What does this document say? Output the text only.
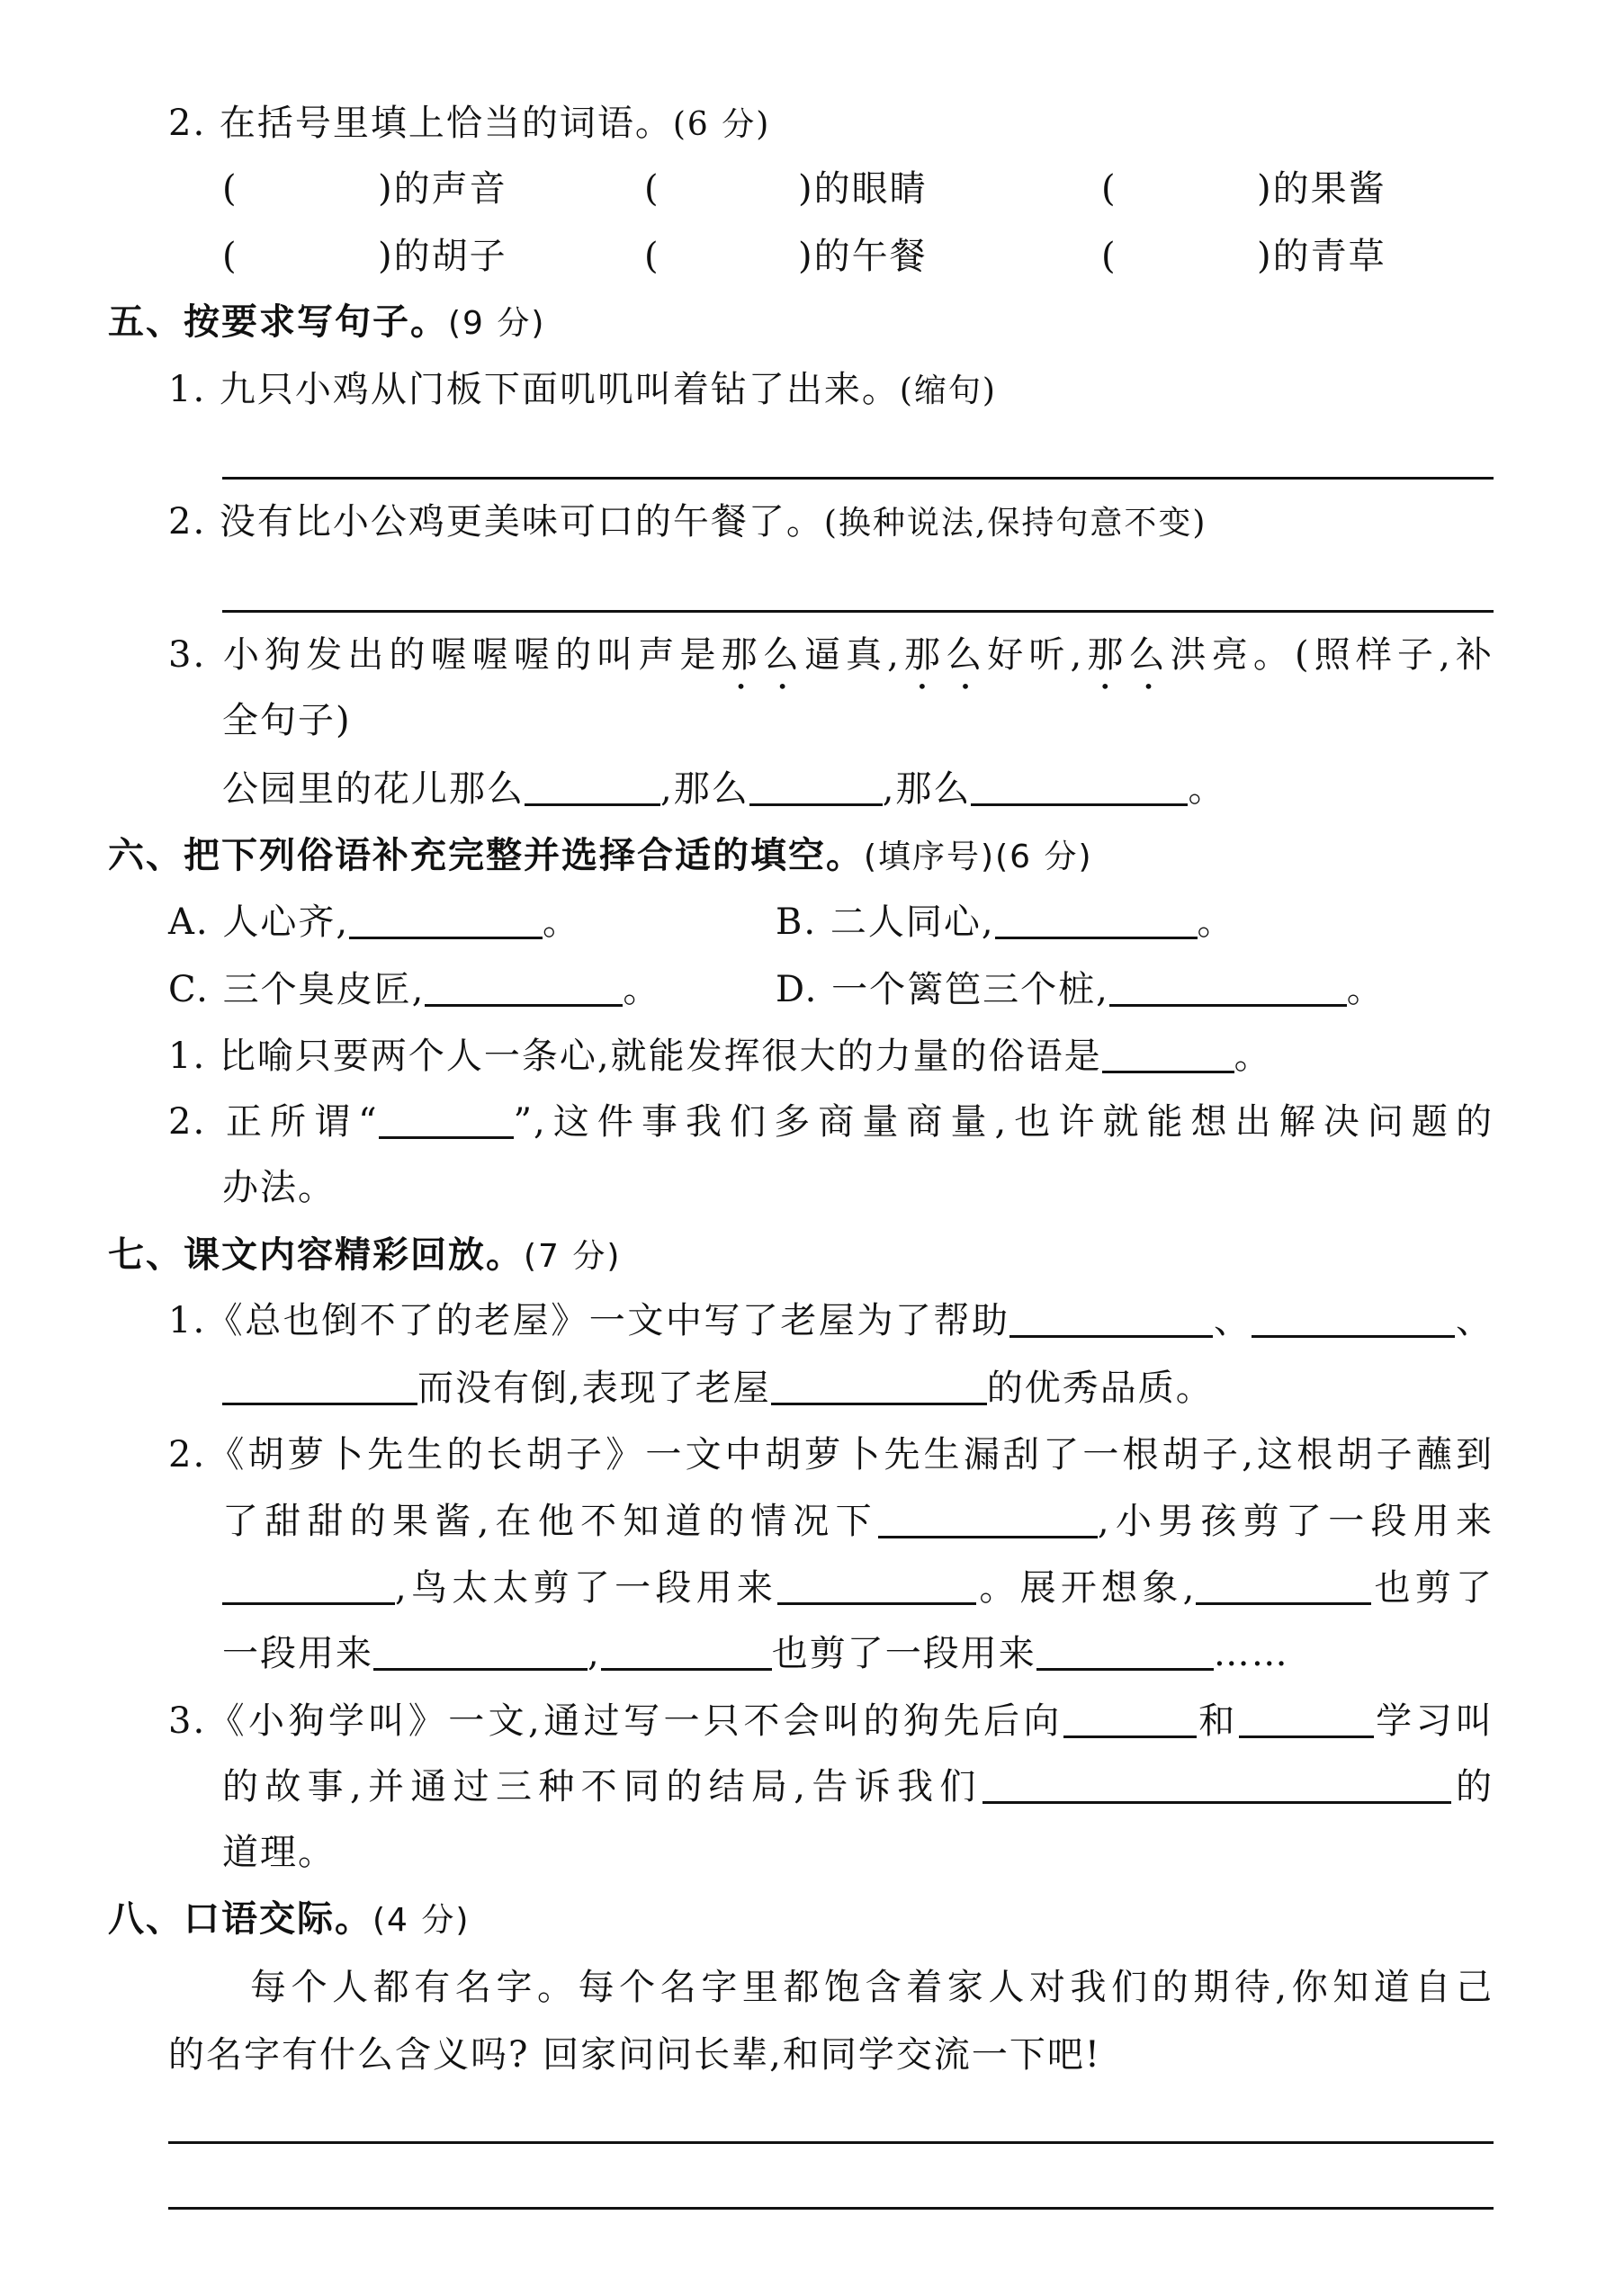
2. 在括号里填上恰当的词语。(6 分)
(	)的声音	(	)的眼睛	(	)的果酱
(	)的胡子	(	)的午餐	(	)的青草
五、按要求写句子。(9 分)
1. 九只小鸡从门板下面叽叽叫着钻了出来。(缩句)
2. 没有比小公鸡更美味可口的午餐了。(换种说法,保持句意不变)
3. 小狗发出的喔喔喔的叫声是那么逼真,那么好听,那么洪亮。(照样子,补
全句子)
公园里的花儿那么	,那么	,那么	。
六、把下列俗语补充完整并选择合适的填空。(填序号)(6 分)
A. 人心齐,	。	B. 二人同心,	。
C. 三个臭皮匠,	。	D. 一个篱笆三个桩,	。
1. 比喻只要两个人一条心,就能发挥很大的力量的俗语是	。
2. 正所谓“	”,这件事我们多商量商量,也许就能想出解决问题的
办法。
七、课文内容精彩回放。(7 分)
1.《总也倒不了的老屋》一文中写了老屋为了帮助	、	、
而没有倒,表现了老屋	的优秀品质。
2.《胡萝卜先生的长胡子》一文中胡萝卜先生漏刮了一根胡子,这根胡子蘸到
了甜甜的果酱,在他不知道的情况下	,小男孩剪了一段用来
,鸟太太剪了一段用来	。展开想象,	也剪了
一段用来	,	也剪了一段用来	……
3.《小狗学叫》一文,通过写一只不会叫的狗先后向	和	学习叫
的故事,并通过三种不同的结局,告诉我们	的
道理。
八、口语交际。(4 分)
每个人都有名字。每个名字里都饱含着家人对我们的期待,你知道自己
的名字有什么含义吗? 回家问问长辈,和同学交流一下吧!
